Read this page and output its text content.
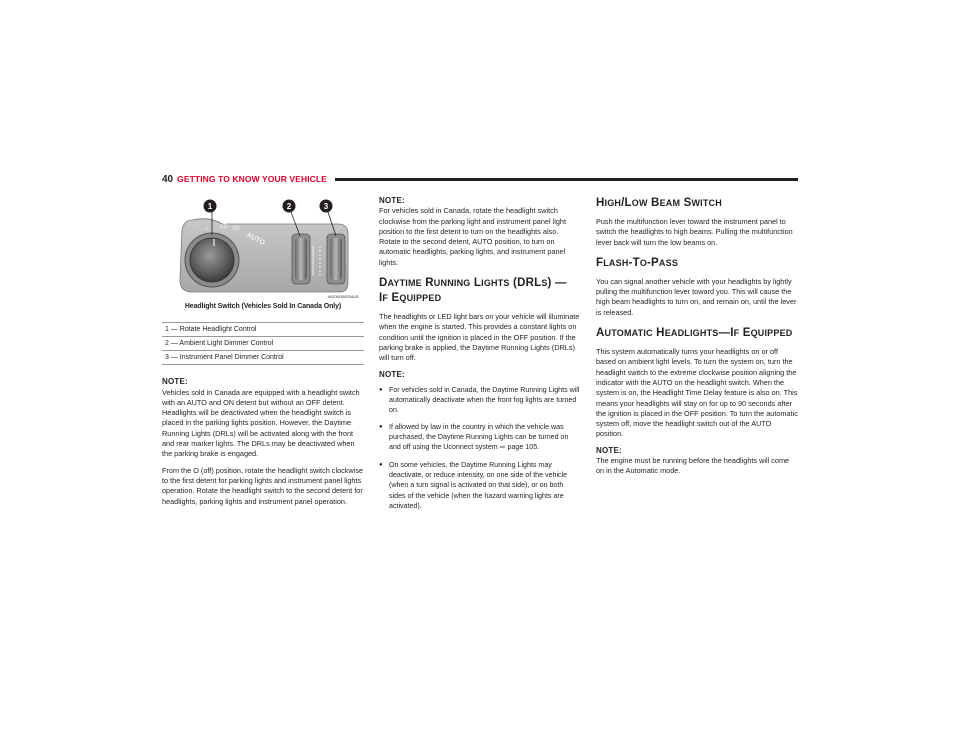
40 GETTING TO KNOW YOUR VEHICLE
☼ ≡D ≡D
AUTO
1	2	3
A0216000254US
Headlight Switch (Vehicles Sold In Canada Only)
1 — Rotate Headlight Control
2 — Ambient Light Dimmer Control
3 — Instrument Panel Dimmer Control
NOTE:

Vehicles sold in Canada are equipped with a headlight switch with an AUTO and ON detent but without an OFF detent. Headlights will be deactivated when the headlight switch is placed in the parking lights position. However, the Daytime Running Lights (DRLs) will be activated along with the front and rear marker lights. The DRLs may be deactivated when the parking brake is engaged.

From the O (off) position, rotate the headlight switch clockwise to the first detent for parking lights and instrument panel lights operation. Rotate the headlight switch to the second detent for headlights, parking lights and instrument panel operation.

NOTE:

For vehicles sold in Canada, rotate the headlight switch clockwise from the parking light and instrument panel light position to the first detent to turn on the headlights also. Rotate to the second detent, AUTO position, to turn on automatic headlights, parking lights, and instrument panel lights.

DAYTIME RUNNING LIGHTS (DRLS) —
IF EQUIPPED

The headlights or LED light bars on your vehicle will illuminate when the engine is started. This provides a constant lights on condition until the ignition is placed in the OFF position. If the parking brake is applied, the Daytime Running Lights (DRLs) will turn off.

NOTE:
● For vehicles sold in Canada, the Daytime Running Lights will automatically deactivate when the front fog lights are turned on.
● If allowed by law in the country in which the vehicle was purchased, the Daytime Running Lights can be turned on and off using the Uconnect system ⇨ page 105.
● On some vehicles, the Daytime Running Lights may deactivate, or reduce intensity, on one side of the vehicle (when a turn signal is activated on that side), or on both sides of the vehicle (when the hazard warning lights are activated).
HIGH/LOW BEAM SWITCH

Push the multifunction lever toward the instrument panel to switch the headlights to high beams. Pulling the multifunction lever back will turn the low beams on.

FLASH-TO-PASS

You can signal another vehicle with your headlights by lightly pulling the multifunction lever toward you. This will cause the high beam headlights to turn on, and remain on, until the lever is released.

AUTOMATIC HEADLIGHTS—IF EQUIPPED

This system automatically turns your headlights on or off based on ambient light levels. To turn the system on, turn the headlight switch to the extreme clockwise position aligning the indicator with the AUTO on the headlight switch. When the system is on, the Headlight Time Delay feature is also on. This means your headlights will stay on for up to 90 seconds after the ignition is placed in the OFF position. To turn the automatic system off, move the headlight switch out of the AUTO position.

NOTE:

The engine must be running before the headlights will come on in the Automatic mode.
